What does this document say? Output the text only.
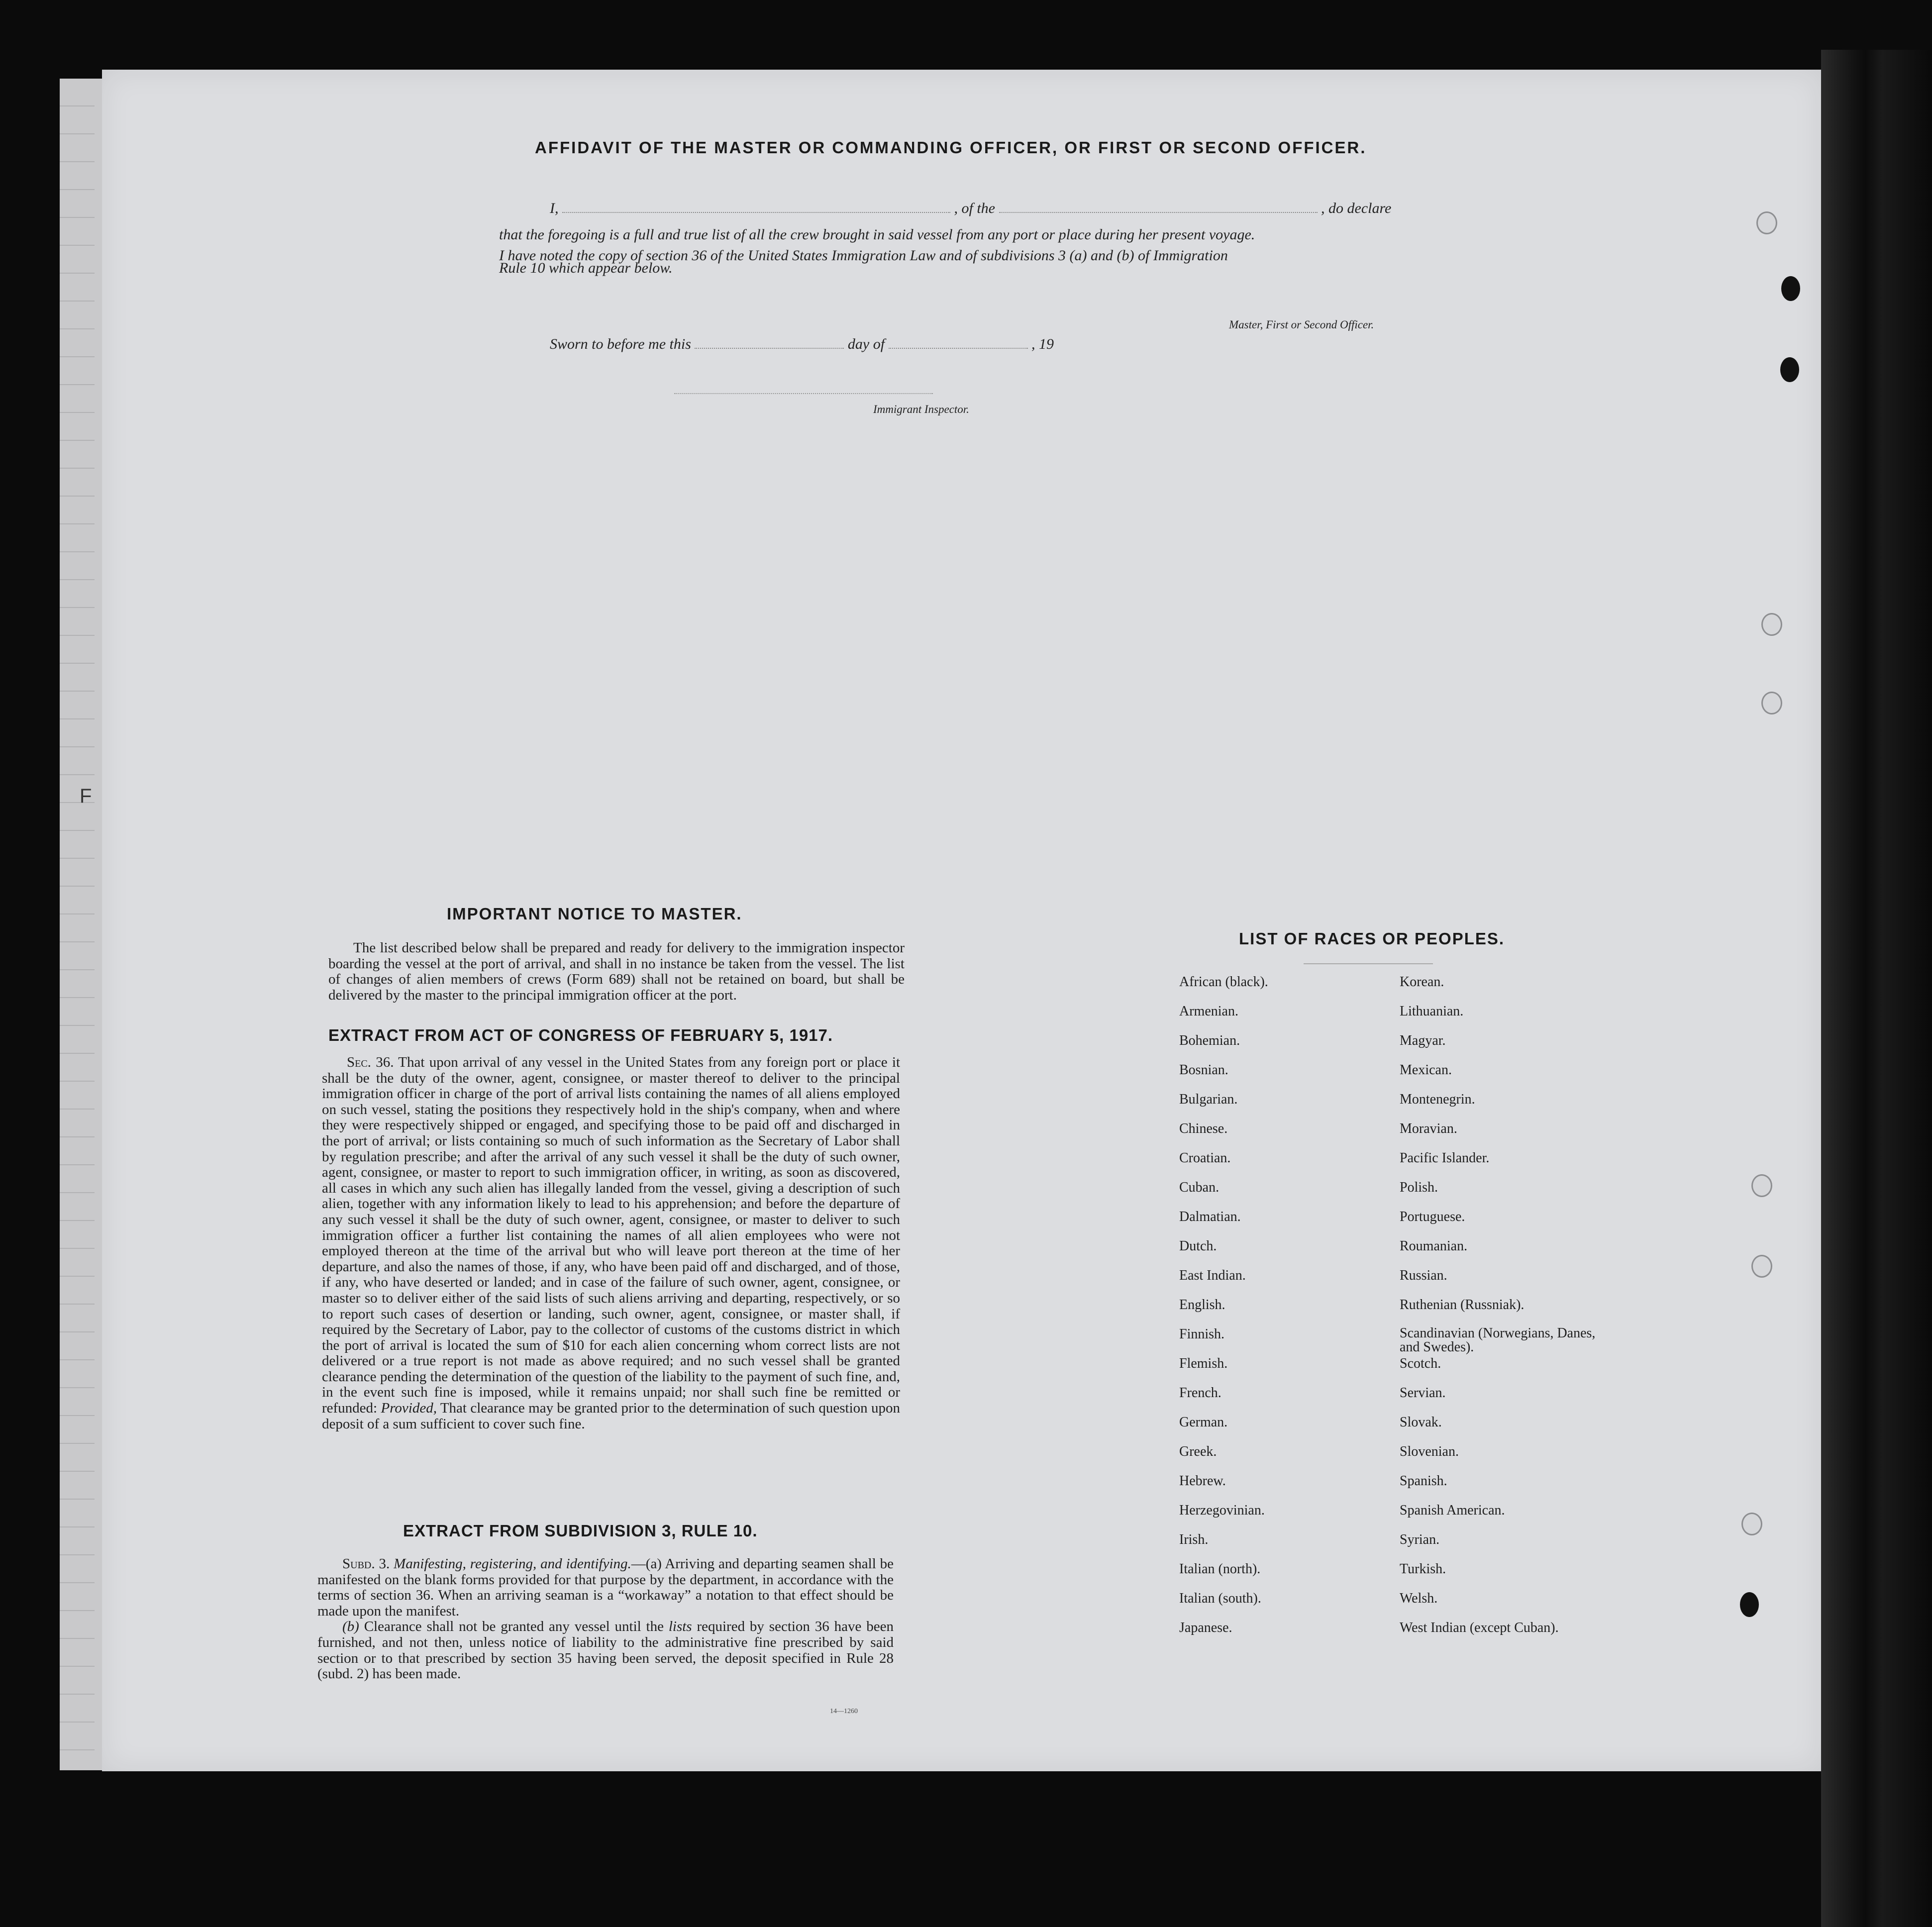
F
AFFIDAVIT OF THE MASTER OR COMMANDING OFFICER, OR FIRST OR SECOND OFFICER.
I,	, of the	, do declare
that the foregoing is a full and true list of all the crew brought in said vessel from any port or place during her present voyage.
I have noted the copy of section 36 of the United States Immigration Law and of subdivisions 3 (a) and (b) of Immigration
Rule 10 which appear below.
Master, First or Second Officer.
Sworn to before me this	day of	, 19
Immigrant Inspector.
IMPORTANT NOTICE TO MASTER.

The list described below shall be prepared and ready for delivery to the immigration inspector boarding the vessel at the port of arrival, and shall in no instance be taken from the vessel. The list of changes of alien members of crews (Form 689) shall not be retained on board, but shall be delivered by the master to the principal immigration officer at the port.

EXTRACT FROM ACT OF CONGRESS OF FEBRUARY 5, 1917.

Sec. 36. That upon arrival of any vessel in the United States from any foreign port or place it shall be the duty of the owner, agent, consignee, or master thereof to deliver to the principal immigration officer in charge of the port of arrival lists containing the names of all aliens employed on such vessel, stating the positions they respectively hold in the ship's company, when and where they were respectively shipped or engaged, and specifying those to be paid off and discharged in the port of arrival; or lists containing so much of such information as the Secretary of Labor shall by regulation prescribe; and after the arrival of any such vessel it shall be the duty of such owner, agent, consignee, or master to report to such immigration officer, in writing, as soon as discovered, all cases in which any such alien has illegally landed from the vessel, giving a description of such alien, together with any information likely to lead to his apprehension; and before the departure of any such vessel it shall be the duty of such owner, agent, consignee, or master to deliver to such immigration officer a further list containing the names of all alien employees who were not employed thereon at the time of the arrival but who will leave port thereon at the time of her departure, and also the names of those, if any, who have been paid off and discharged, and of those, if any, who have deserted or landed; and in case of the failure of such owner, agent, consignee, or master so to deliver either of the said lists of such aliens arriving and departing, respectively, or so to report such cases of desertion or landing, such owner, agent, consignee, or master shall, if required by the Secretary of Labor, pay to the collector of customs of the customs district in which the port of arrival is located the sum of $10 for each alien concerning whom correct lists are not delivered or a true report is not made as above required; and no such vessel shall be granted clearance pending the determination of the question of the liability to the payment of such fine, and, in the event such fine is imposed, while it remains unpaid; nor shall such fine be remitted or refunded: Provided, That clearance may be granted prior to the determination of such question upon deposit of a sum sufficient to cover such fine.

EXTRACT FROM SUBDIVISION 3, RULE 10.

Subd. 3. Manifesting, registering, and identifying.—(a) Arriving and departing seamen shall be manifested on the blank forms provided for that purpose by the department, in accordance with the terms of section 36. When an arriving seaman is a “workaway” a notation to that effect should be made upon the manifest.

(b) Clearance shall not be granted any vessel until the lists required by section 36 have been furnished, and not then, unless notice of liability to the administrative fine prescribed by said section or to that prescribed by section 35 having been served, the deposit specified in Rule 28 (subd. 2) has been made.

14—1260
LIST OF RACES OR PEOPLES.
African (black).
Armenian.
Bohemian.
Bosnian.
Bulgarian.
Chinese.
Croatian.
Cuban.
Dalmatian.
Dutch.
East Indian.
English.
Finnish.
Flemish.
French.
German.
Greek.
Hebrew.
Herzegovinian.
Irish.
Italian (north).
Italian (south).
Japanese.
Korean.
Lithuanian.
Magyar.
Mexican.
Montenegrin.
Moravian.
Pacific Islander.
Polish.
Portuguese.
Roumanian.
Russian.
Ruthenian (Russniak).
Scandinavian (Norwegians, Danes, and Swedes).
Scotch.
Servian.
Slovak.
Slovenian.
Spanish.
Spanish American.
Syrian.
Turkish.
Welsh.
West Indian (except Cuban).
